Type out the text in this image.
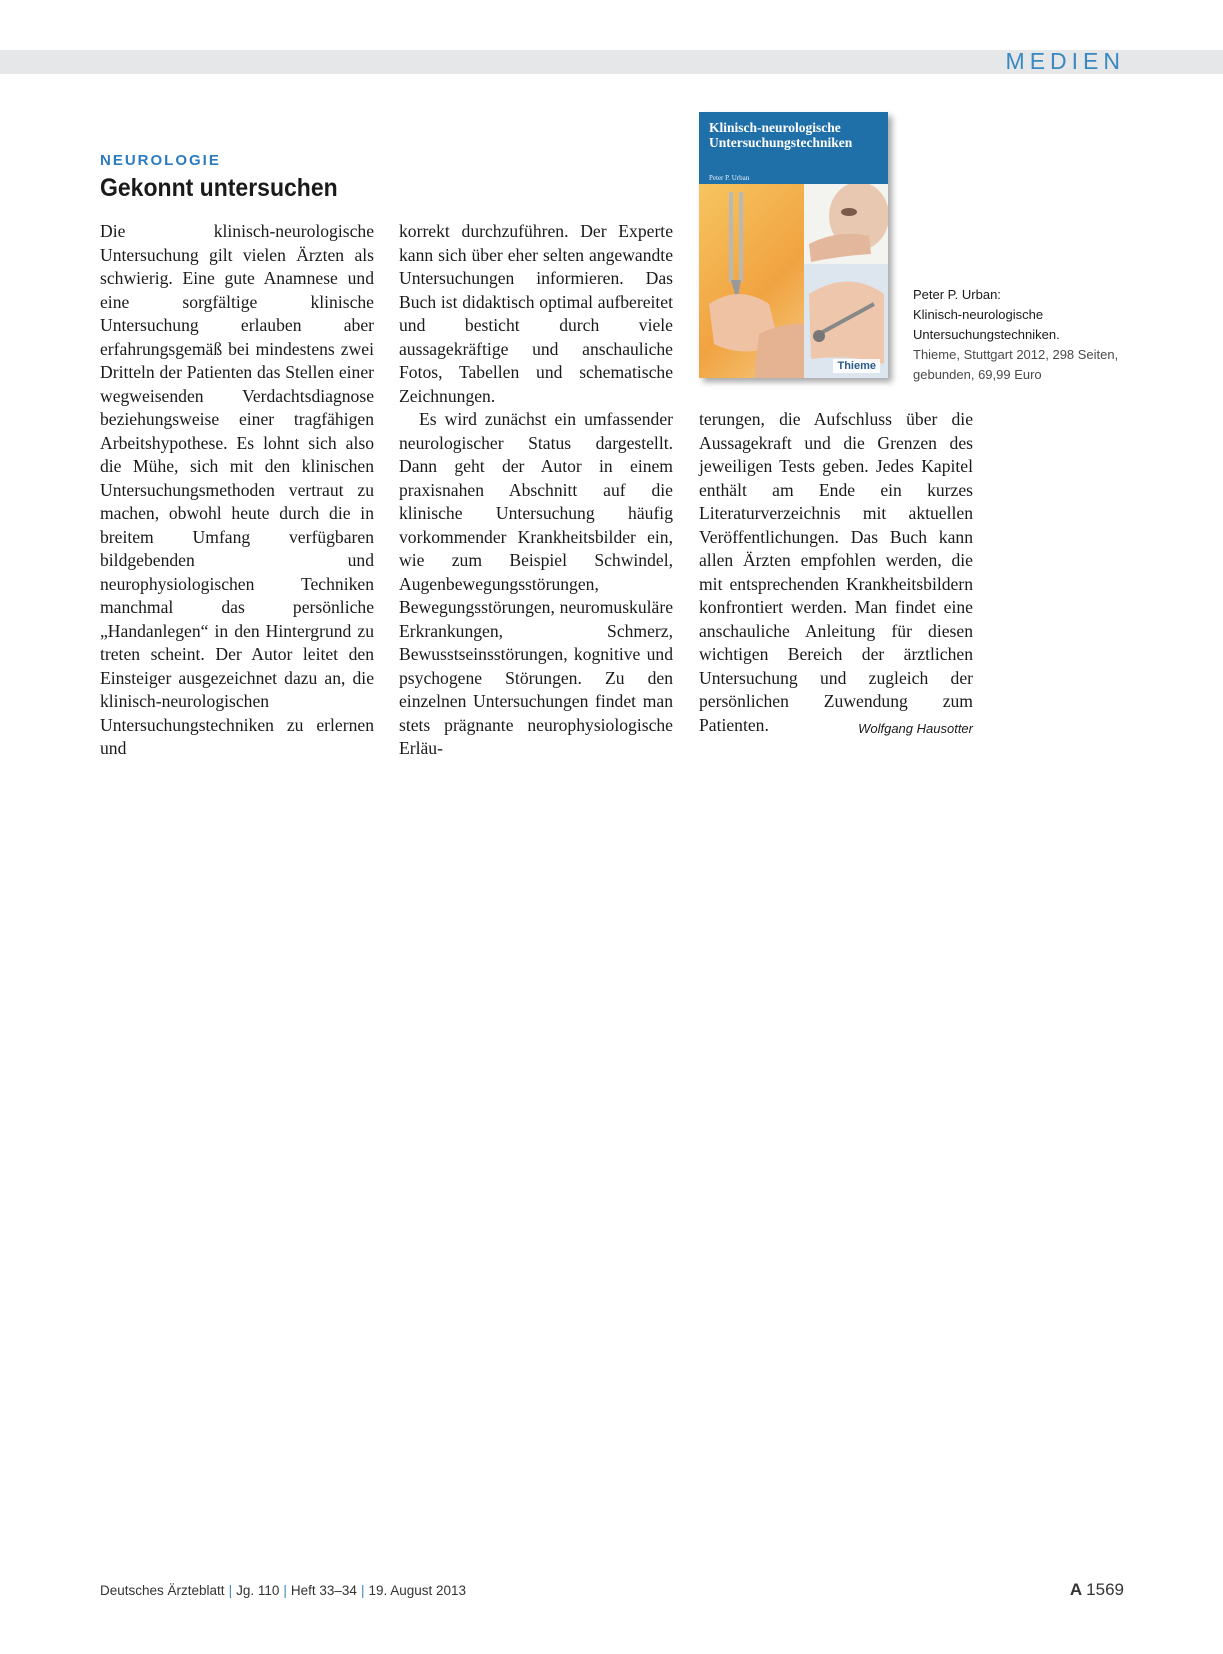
MEDIEN
NEUROLOGIE
Gekonnt untersuchen

Die klinisch-neurologische Untersuchung gilt vielen Ärzten als schwierig. Eine gute Anamnese und eine sorgfältige klinische Untersuchung erlauben aber erfahrungsgemäß bei mindestens zwei Dritteln der Patienten das Stellen einer wegweisenden Verdachtsdiagnose beziehungsweise einer tragfähigen Arbeitshypothese. Es lohnt sich also die Mühe, sich mit den klinischen Untersuchungsmethoden vertraut zu machen, obwohl heute durch die in breitem Umfang verfügbaren bildgebenden und neurophysiologischen Techniken manchmal das persönliche „Handanlegen“ in den Hintergrund zu treten scheint. Der Autor leitet den Einsteiger ausgezeichnet dazu an, die klinisch-neurologischen Untersuchungstechniken zu erlernen und

korrekt durchzuführen. Der Experte kann sich über eher selten angewandte Untersuchungen informieren. Das Buch ist didaktisch optimal aufbereitet und besticht durch viele aussagekräftige und anschauliche Fotos, Tabellen und schematische Zeichnungen.

Es wird zunächst ein umfassender neurologischer Status dargestellt. Dann geht der Autor in einem praxisnahen Abschnitt auf die klinische Untersuchung häufig vorkommender Krankheitsbilder ein, wie zum Beispiel Schwindel, Augenbewegungsstörungen, Bewegungsstörungen, neuromuskuläre Erkrankungen, Schmerz, Bewusstseinsstörungen, kognitive und psychogene Störungen. Zu den einzelnen Untersuchungen findet man stets prägnante neurophysiologische Erläu-

terungen, die Aufschluss über die Aussagekraft und die Grenzen des jeweiligen Tests geben. Jedes Kapitel enthält am Ende ein kurzes Literaturverzeichnis mit aktuellen Veröffentlichungen. Das Buch kann allen Ärzten empfohlen werden, die mit entsprechenden Krankheitsbildern konfrontiert werden. Man findet eine anschauliche Anleitung für diesen wichtigen Bereich der ärztlichen Untersuchung und zugleich der persönlichen Zuwendung zum Patienten.	Wolfgang Hausotter

Klinisch-neurologische Untersuchungstechniken
Peter P. Urban
Thieme
Peter P. Urban:
Klinisch-neurologische Untersuchungstechniken.
Thieme, Stuttgart 2012, 298 Seiten, gebunden, 69,99 Euro
Deutsches Ärzteblatt | Jg. 110 | Heft 33–34 | 19. August 2013	A 1569
